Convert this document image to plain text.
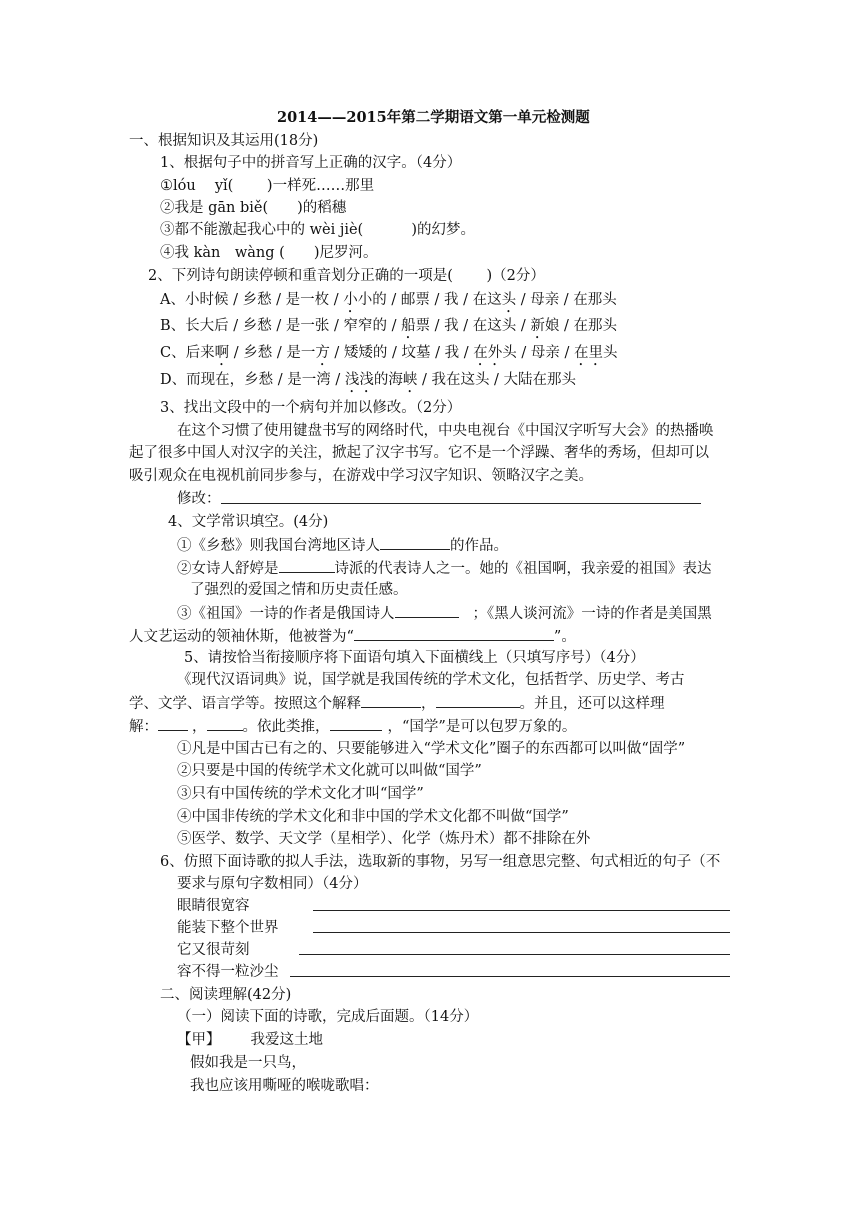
2014——2015年第二学期语文第一单元检测题
一、根据知识及其运用(18分)
1、根据句子中的拼音写上正确的汉字。（4分）
①lóu　 yǐ(　　 )一样死……那里
②我是 gān biě(　　)的稻穗
③都不能激起我心中的 wèi jiè(　　　 )的幻梦。
④我 kàn　wàng (　　)尼罗河。
2、下列诗句朗读停顿和重音划分正确的一项是(　　 )（2分）
A、小时候 / 乡愁 / 是一枚 / 小小的 / 邮票 / 我 / 在这头 / 母亲 / 在那头
B、长大后 / 乡愁 / 是一张 / 窄窄的 / 船票 / 我 / 在这头 / 新娘 / 在那头
C、后来啊 / 乡愁 / 是一方 / 矮矮的 / 坟墓 / 我 / 在外头 / 母亲 / 在里头
D、而现在，乡愁 / 是一湾 / 浅浅的海峡 / 我在这头 / 大陆在那头
3、找出文段中的一个病句并加以修改。（2分）
在这个习惯了使用键盘书写的网络时代，中央电视台《中国汉字听写大会》的热播唤
起了很多中国人对汉字的关注，掀起了汉字书写。它不是一个浮躁、奢华的秀场，但却可以
吸引观众在电视机前同步参与，在游戏中学习汉字知识、领略汉字之美。
修改：
4、文学常识填空。(4分)
①《乡愁》则我国台湾地区诗人	的作品。
②女诗人舒婷是	诗派的代表诗人之一。她的《祖国啊，我亲爱的祖国》表达
了强烈的爱国之情和历史责任感。
③《祖国》一诗的作者是俄国诗人	；《黑人谈河流》一诗的作者是美国黑
人文艺运动的领袖休斯，他被誉为“	”。
5、请按恰当衔接顺序将下面语句填入下面横线上（只填写序号）（4分）
《现代汉语词典》说，国学就是我国传统的学术文化，包括哲学、历史学、考古
学、文学、语言学等。按照这个解释	，	。并且，还可以这样理
解： ， 。依此类推，	，“国学”是可以包罗万象的。
①凡是中国古已有之的、只要能够进入“学术文化”圈子的东西都可以叫做“固学”
②只要是中国的传统学术文化就可以叫做“国学”
③只有中国传统的学术文化才叫“国学”
④中国非传统的学术文化和非中国的学术文化都不叫做“国学”
⑤医学、数学、天文学（星相学）、化学（炼丹术）都不排除在外
6、仿照下面诗歌的拟人手法，选取新的事物，另写一组意思完整、句式相近的句子（不
要求与原句字数相同）（4分）
眼睛很宽容
能装下整个世界
它又很苛刻
容不得一粒沙尘
二、阅读理解(42分)
（一）阅读下面的诗歌，完成后面题。（14分）
【甲】 我爱这土地
假如我是一只鸟，
我也应该用嘶哑的喉咙歌唱：
